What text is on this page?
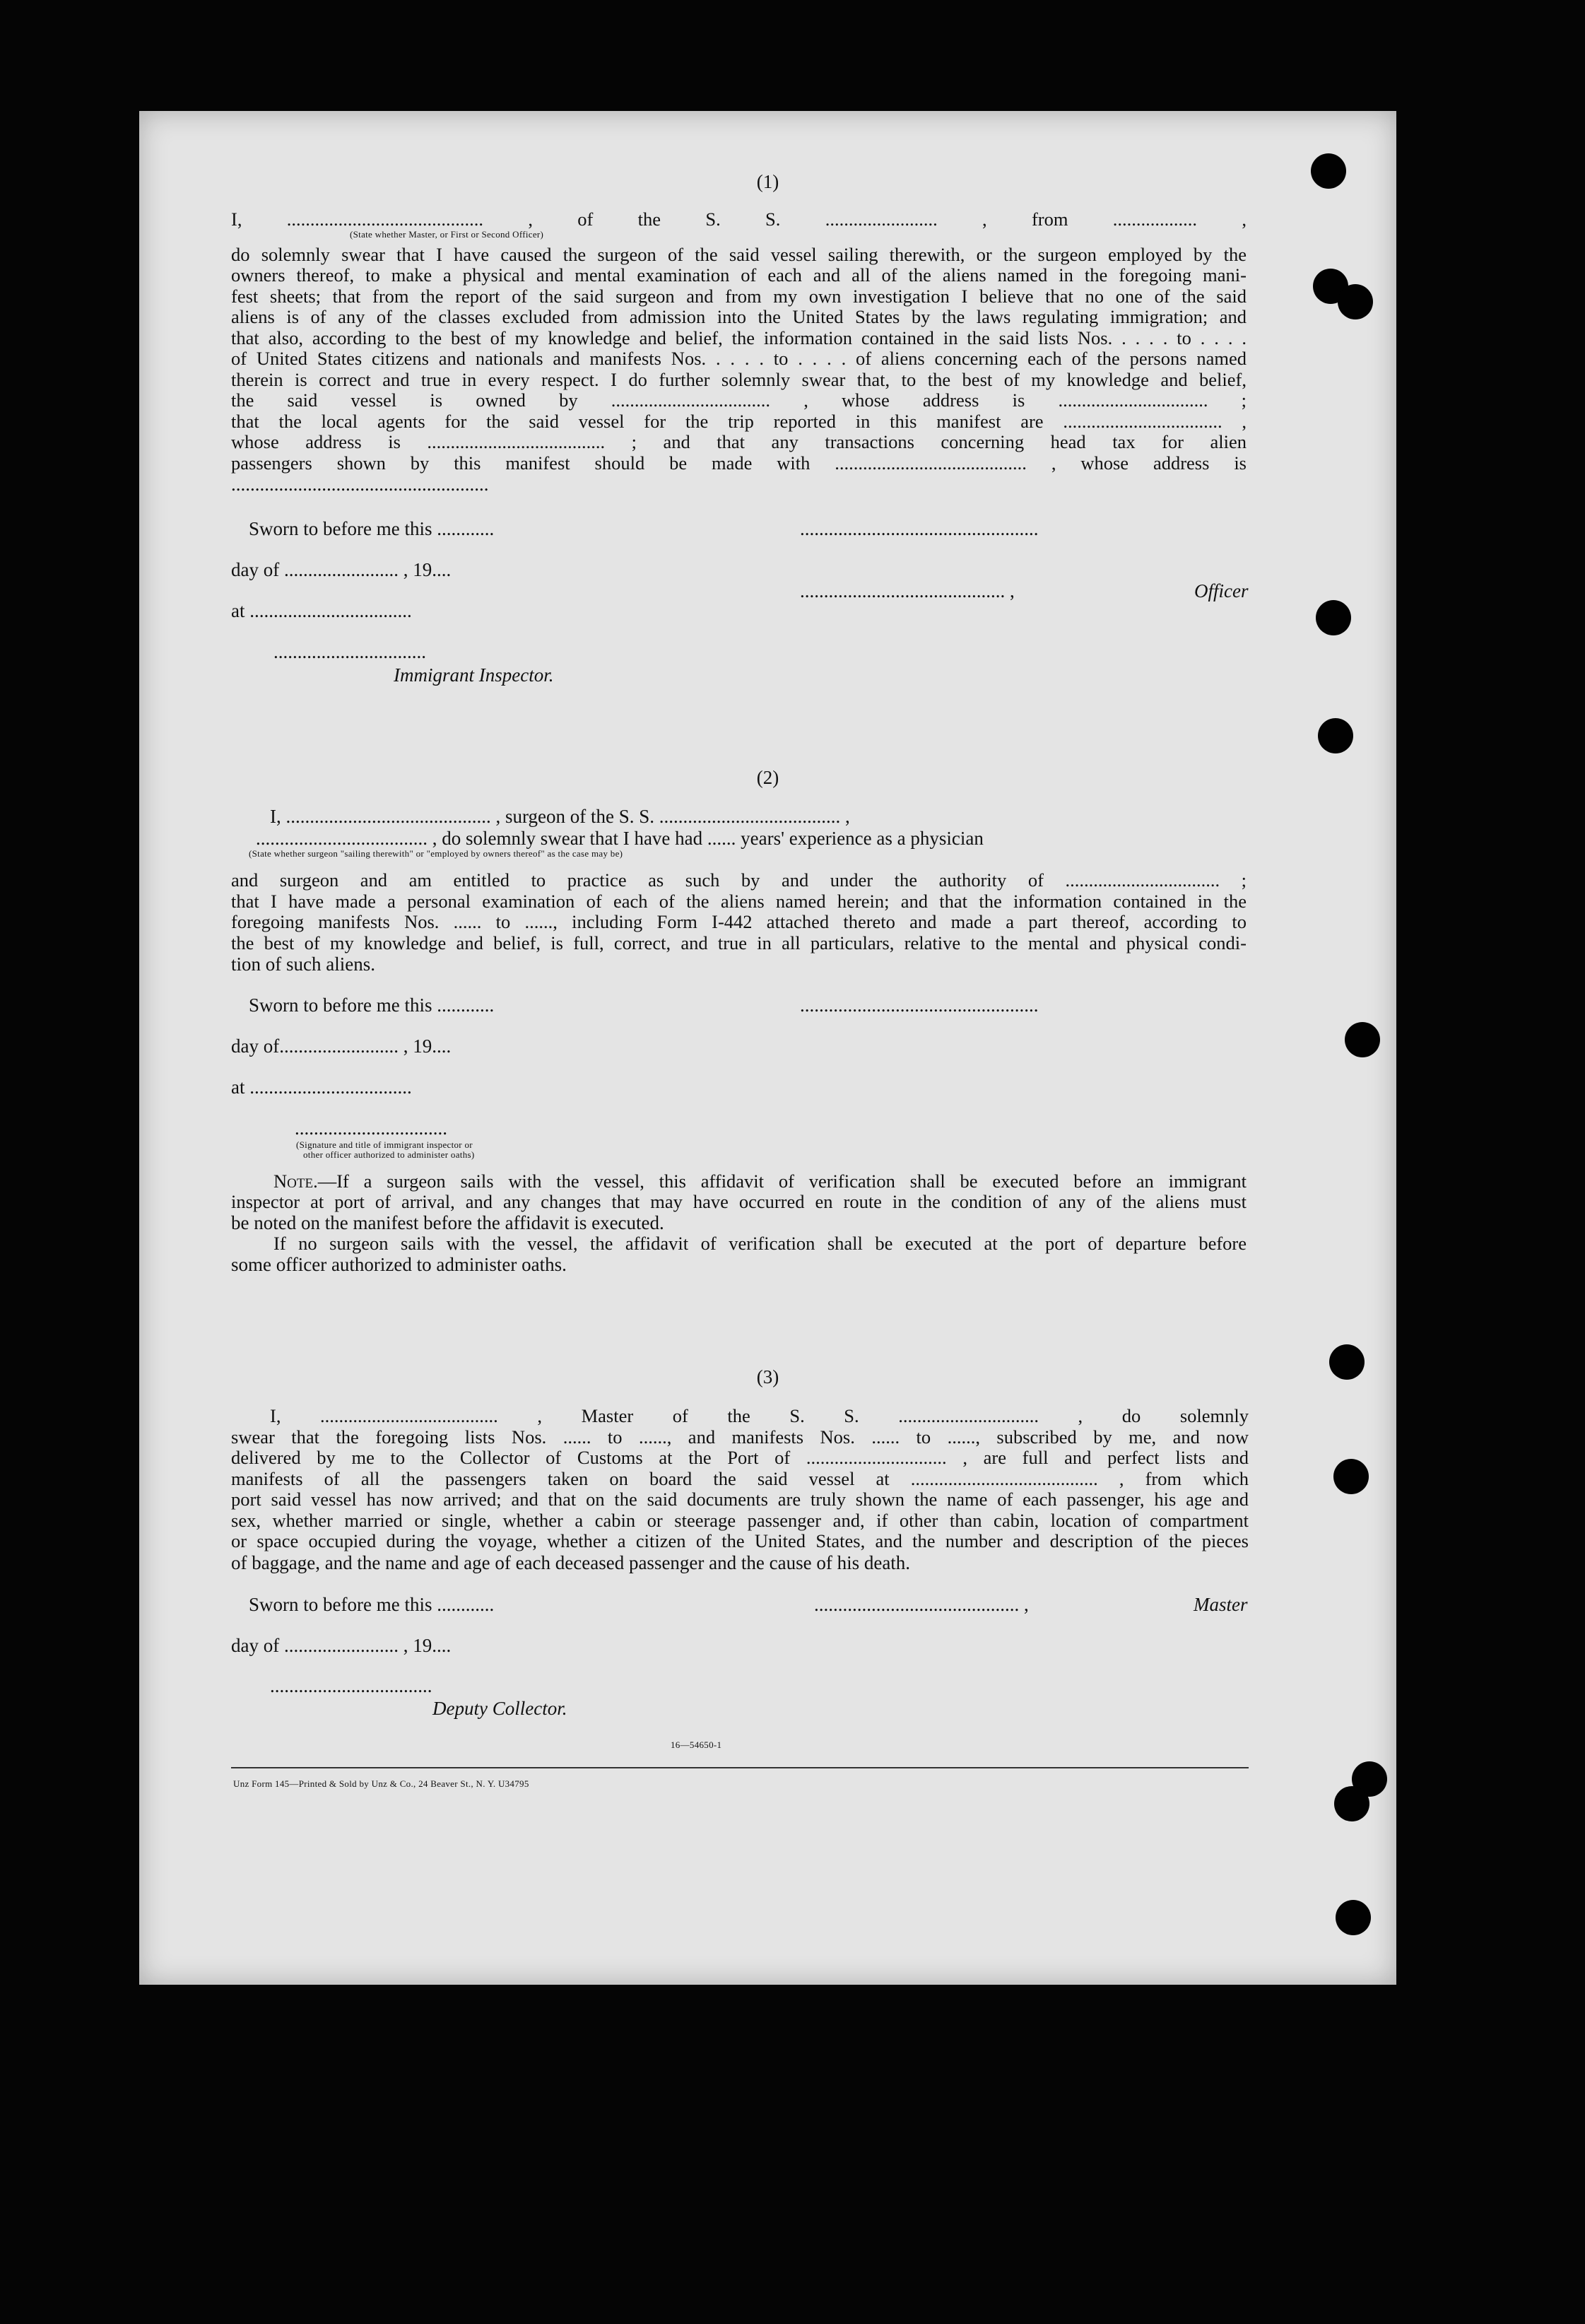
(1)
I, .......................................... , of the S. S. ........................ , from .................. ,
(State whether Master, or First or Second Officer)
do solemnly swear that I have caused the surgeon of the said vessel sailing therewith, or the surgeon employed by the
owners thereof, to make a physical and mental examination of each and all of the aliens named in the foregoing mani-
fest sheets; that from the report of the said surgeon and from my own investigation I believe that no one of the said
aliens is of any of the classes excluded from admission into the United States by the laws regulating immigration; and
that also, according to the best of my knowledge and belief, the information contained in the said lists Nos. . . . . to . . . .
of United States citizens and nationals and manifests Nos. . . . . to . . . . of aliens concerning each of the persons named
therein is correct and true in every respect. I do further solemnly swear that, to the best of my knowledge and belief,
the said vessel is owned by .................................. , whose address is ................................ ;
that the local agents for the said vessel for the trip reported in this manifest are .................................. ,
whose address is ...................................... ; and that any transactions concerning head tax for alien
passengers shown by this manifest should be made with ......................................... , whose address is
......................................................
Sworn to before me this ............	..................................................
day of ........................ , 19....
........................................... ,	Officer
at ..................................
................................
Immigrant Inspector.
(2)
I, ........................................... , surgeon of the S. S. ...................................... ,
.................................... , do solemnly swear that I have had ...... years' experience as a physician
(State whether surgeon "sailing therewith" or "employed by owners thereof" as the case may be)
and surgeon and am entitled to practice as such by and under the authority of ................................. ;
that I have made a personal examination of each of the aliens named herein; and that the information contained in the
foregoing manifests Nos. ...... to ......, including Form I-442 attached thereto and made a part thereof, according to
the best of my knowledge and belief, is full, correct, and true in all particulars, relative to the mental and physical condi-
tion of such aliens.
Sworn to before me this ............	..................................................
day of......................... , 19....
at ..................................
................................
(Signature and title of immigrant inspector or
other officer authorized to administer oaths)
Note.—If a surgeon sails with the vessel, this affidavit of verification shall be executed before an immigrant
inspector at port of arrival, and any changes that may have occurred en route in the condition of any of the aliens must
be noted on the manifest before the affidavit is executed.
If no surgeon sails with the vessel, the affidavit of verification shall be executed at the port of departure before
some officer authorized to administer oaths.
(3)
I, ...................................... , Master of the S. S. .............................. , do solemnly
swear that the foregoing lists Nos. ...... to ......, and manifests Nos. ...... to ......, subscribed by me, and now
delivered by me to the Collector of Customs at the Port of .............................. , are full and perfect lists and
manifests of all the passengers taken on board the said vessel at ........................................ , from which
port said vessel has now arrived; and that on the said documents are truly shown the name of each passenger, his age and
sex, whether married or single, whether a cabin or steerage passenger and, if other than cabin, location of compartment
or space occupied during the voyage, whether a citizen of the United States, and the number and description of the pieces
of baggage, and the name and age of each deceased passenger and the cause of his death.
Sworn to before me this ............	........................................... ,	Master
day of ........................ , 19....
..................................
Deputy Collector.
16—54650-1
Unz Form 145—Printed & Sold by Unz & Co., 24 Beaver St., N. Y. U34795
